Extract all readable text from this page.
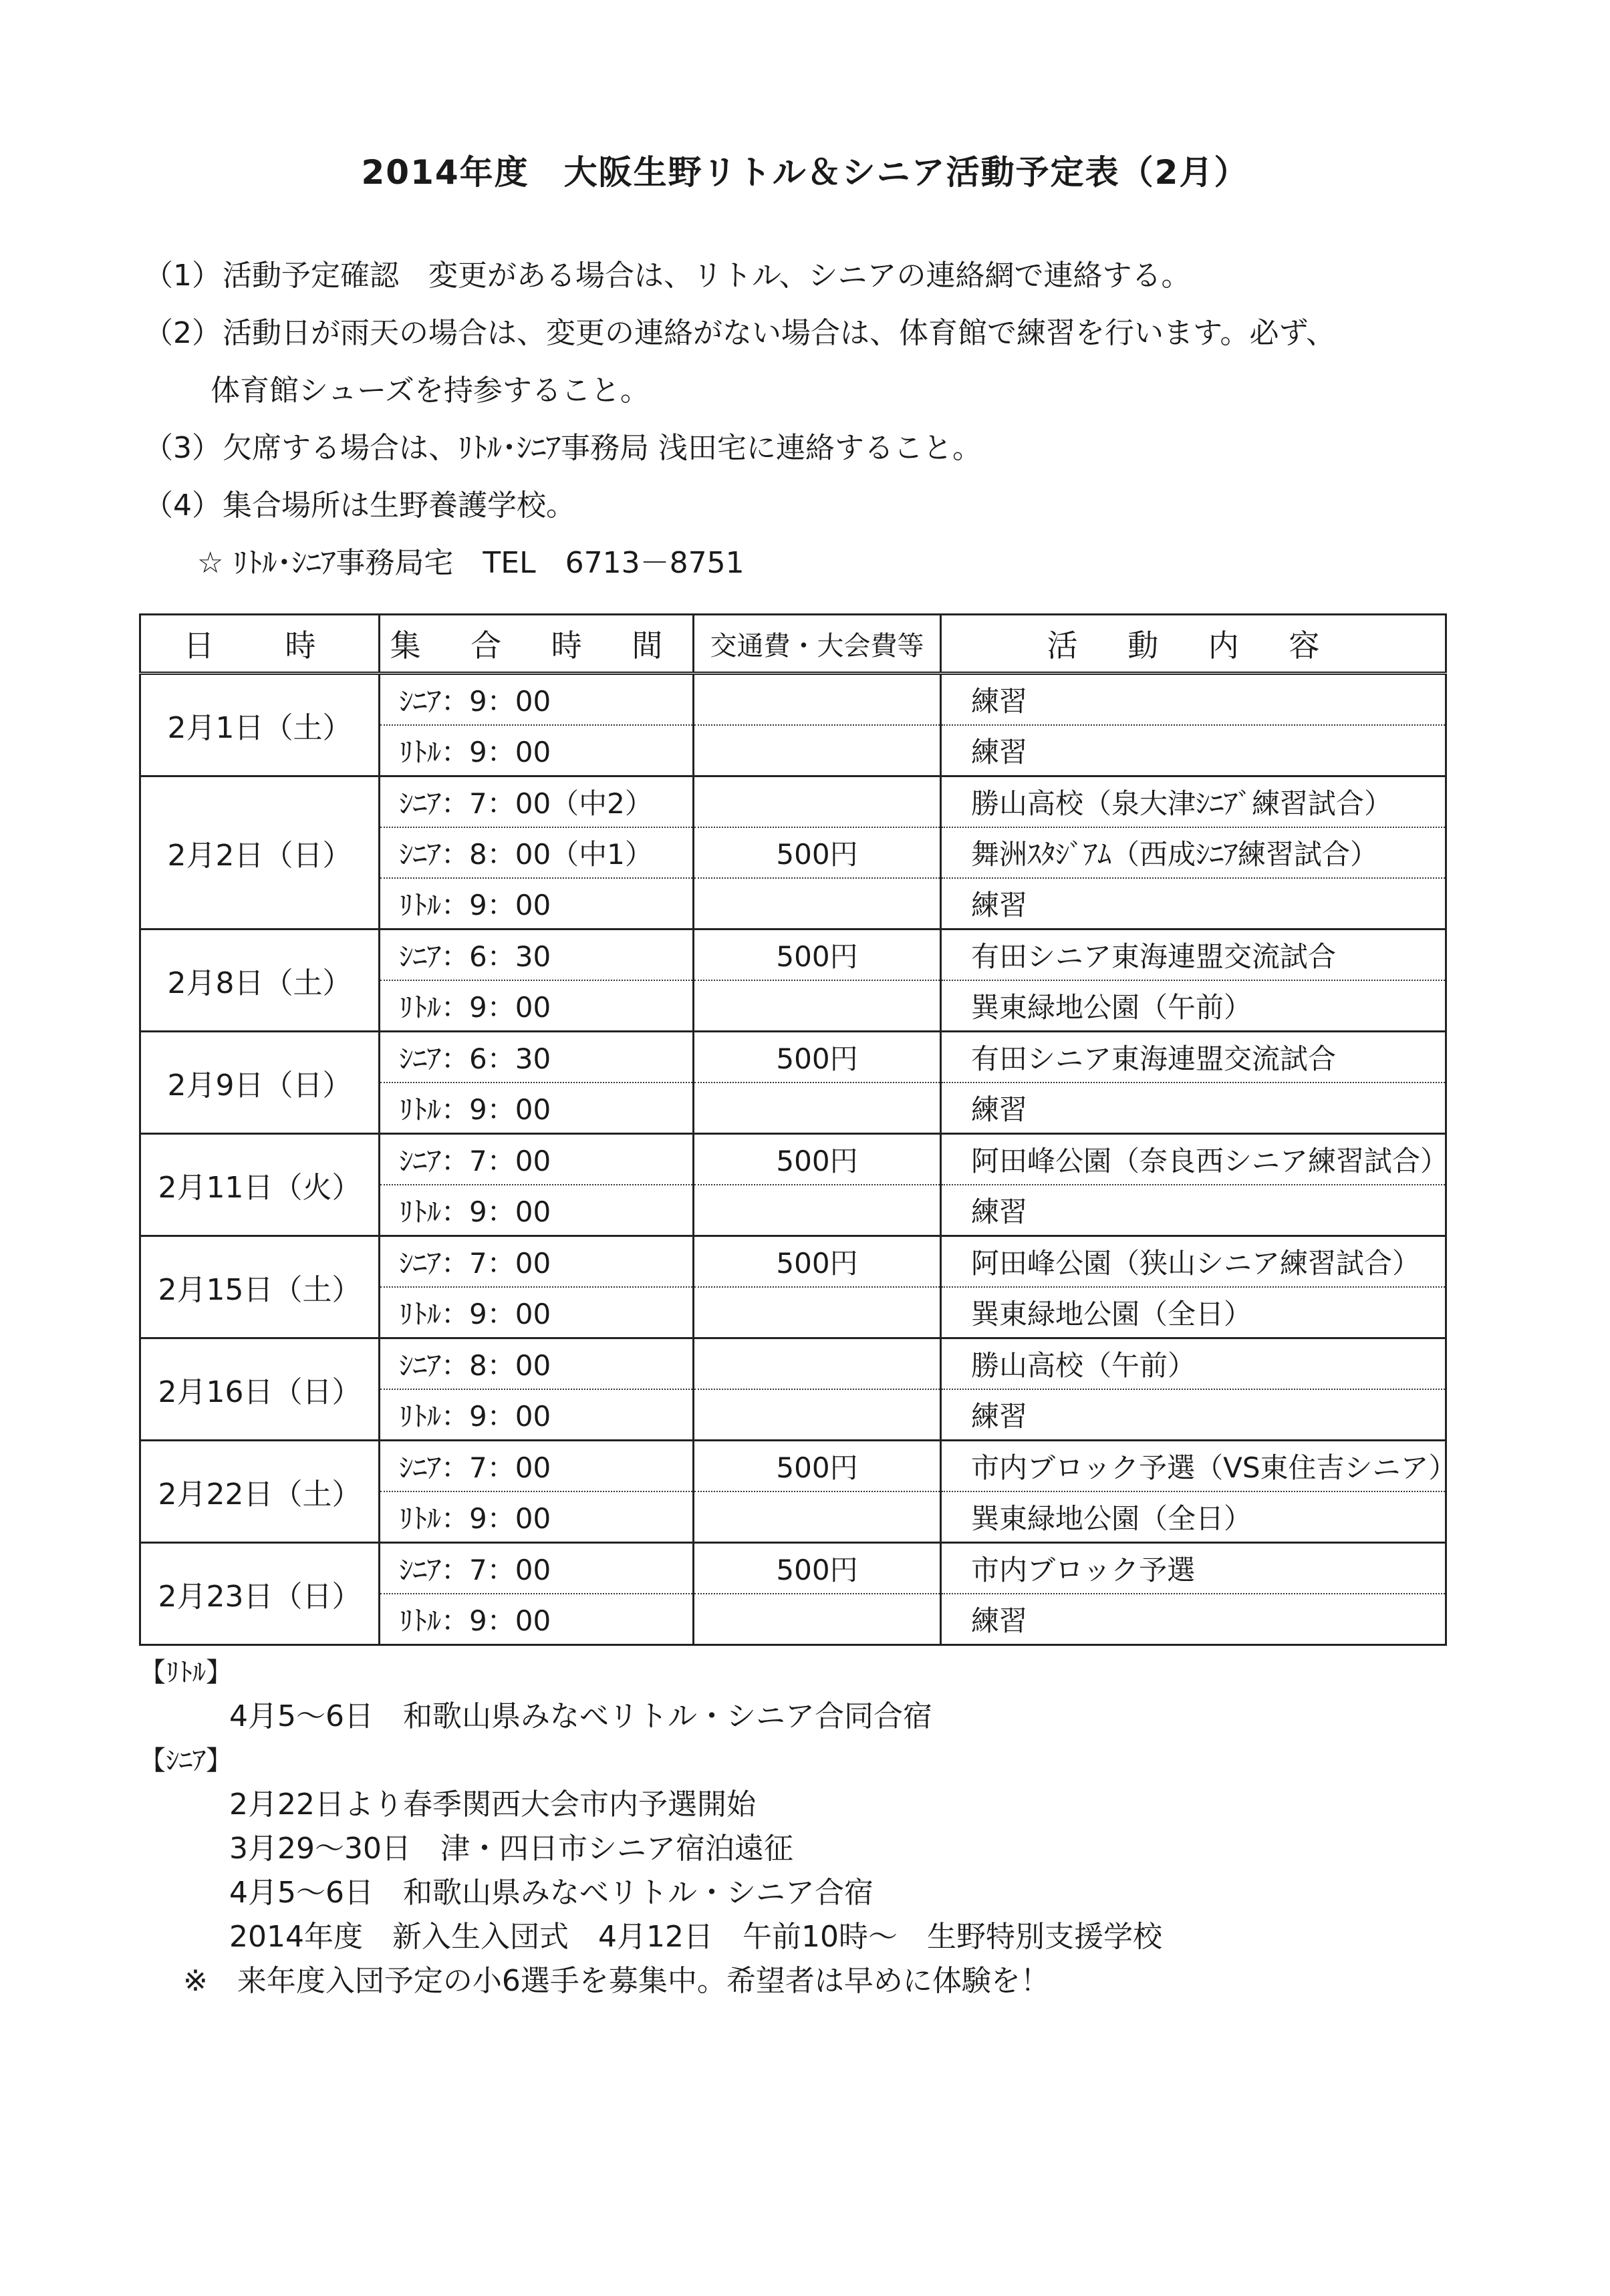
2014年度　大阪生野リトル＆シニア活動予定表（2月）
（1） 活動予定確認　変更がある場合は、リトル、シニアの連絡網で連絡する。
（2） 活動日が雨天の場合は、変更の連絡がない場合は、体育館で練習を行います。必ず、
体育館シューズを持参すること。
（3） 欠席する場合は、ﾘﾄﾙ･ｼﾆｱ事務局 浅田宅に連絡すること。
（4） 集合場所は生野養護学校。
☆ ﾘﾄﾙ･ｼﾆｱ事務局宅　TEL　6713－8751
日　時	集 合 時 間	交通費・大会費等	活 動 内 容
2月1日（土）	ｼﾆｱ：9：00		練習
	ﾘﾄﾙ：9：00		練習
2月2日（日）	ｼﾆｱ：7：00（中2）		勝山高校（泉大津ｼﾆｱﾞ練習試合）
	ｼﾆｱ：8：00（中1）	500円	舞洲ｽﾀｼﾞｱﾑ（西成ｼﾆｱ練習試合）
	ﾘﾄﾙ：9：00		練習
2月8日（土）	ｼﾆｱ：6：30	500円	有田シニア東海連盟交流試合
	ﾘﾄﾙ：9：00		巽東緑地公園（午前）
2月9日（日）	ｼﾆｱ：6：30	500円	有田シニア東海連盟交流試合
	ﾘﾄﾙ：9：00		練習
2月11日（火）	ｼﾆｱ：7：00	500円	阿田峰公園（奈良西シニア練習試合）
	ﾘﾄﾙ：9：00		練習
2月15日（土）	ｼﾆｱ：7：00	500円	阿田峰公園（狭山シニア練習試合）
	ﾘﾄﾙ：9：00		巽東緑地公園（全日）
2月16日（日）	ｼﾆｱ：8：00		勝山高校（午前）
	ﾘﾄﾙ：9：00		練習
2月22日（土）	ｼﾆｱ：7：00	500円	市内ブロック予選（VS東住吉シニア）
	ﾘﾄﾙ：9：00		巽東緑地公園（全日）
2月23日（日）	ｼﾆｱ：7：00	500円	市内ブロック予選
	ﾘﾄﾙ：9：00		練習
【ﾘﾄﾙ】
4月5～6日　和歌山県みなべリトル・シニア合同合宿
【ｼﾆｱ】
2月22日より春季関西大会市内予選開始
3月29～30日　津・四日市シニア宿泊遠征
4月5～6日　和歌山県みなべリトル・シニア合宿
2014年度　新入生入団式　4月12日　午前10時～　生野特別支援学校
※　来年度入団予定の小6選手を募集中。希望者は早めに体験を！
